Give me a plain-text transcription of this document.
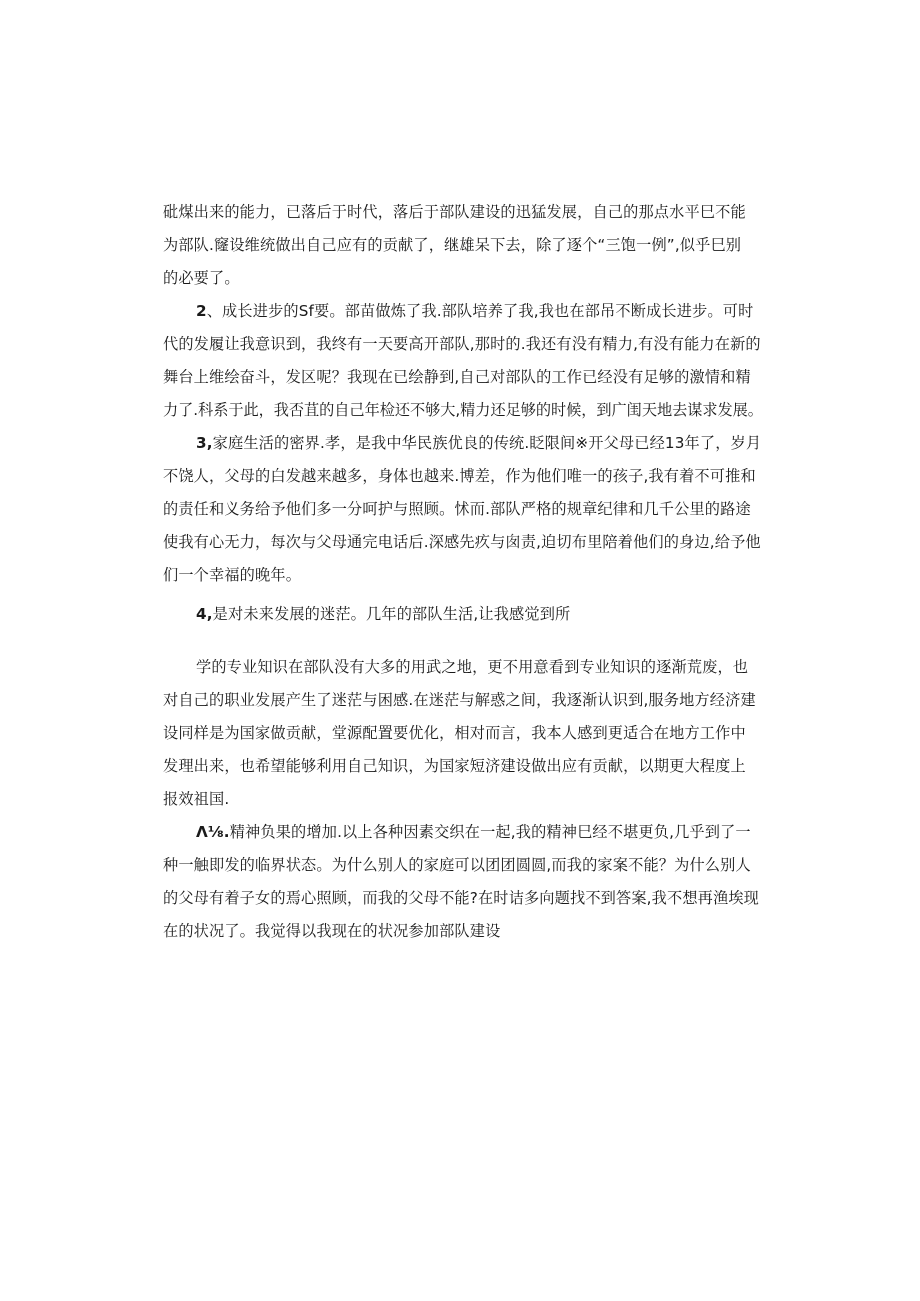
砒煤出来的能力，已落后于时代，落后于部队建设的迅猛发展，自己的那点水平巳不能
为部队.窿设维统做出自己应有的贡献了，继雄呆下去，除了逐个“三饱一例”,似乎巳别
的必要了。
2、成长进步的Sf要。部苗做炼了我.部队培养了我,我也在部吊不断成长进步。可时
代的发履让我意识到，我终有一天要高开部队,那时的.我还有没有精力,有没有能力在新的
舞台上维绘奋斗，发区呢？我现在已绘静到,自己对部队的工作已经没有足够的激情和精
力了.科系于此，我否苴的自己年检还不够大,精力还足够的时候，到广闺天地去谋求发展。
3,家庭生活的密界.孝，是我中华民族优良的传统.眨限间※开父母已经13年了，岁月
不饶人，父母的白发越来越多，身体也越来.博差，作为他们唯一的孩子,我有着不可推和
的责任和义务给予他们多一分呵护与照顾。怵而.部队严格的规章纪律和几千公里的路途
使我有心无力，每次与父母通完电话后.深感先疚与囱责,迫切布里陪着他们的身边,给予他
们一个幸福的晚年。
4,是对未来发展的迷茫。几年的部队生活,让我感觉到所
学的专业知识在部队没有大多的用武之地，更不用意看到专业知识的逐渐荒废，也
对自己的职业发展产生了迷茫与困感.在迷茫与解惑之间，我逐渐认识到,服务地方经济建
设同样是为国家做贡献，堂源配置要优化，相对而言，我本人感到更适合在地方工作中
发理出来，也希望能够利用自己知识，为国家短济建设做出应有贡献，以期更大程度上
报效祖国.
Λ⅛.精神负果的增加.以上各种因素交织在一起,我的精神巳经不堪更负,几乎到了一
种一触即发的临界状态。为什么别人的家庭可以团团圆圆,而我的家案不能？为什么别人
的父母有着子女的焉心照顾，而我的父母不能?在时诘多向题找不到答案,我不想再渔埃现
在的状况了。我觉得以我现在的状况参加部队建设
